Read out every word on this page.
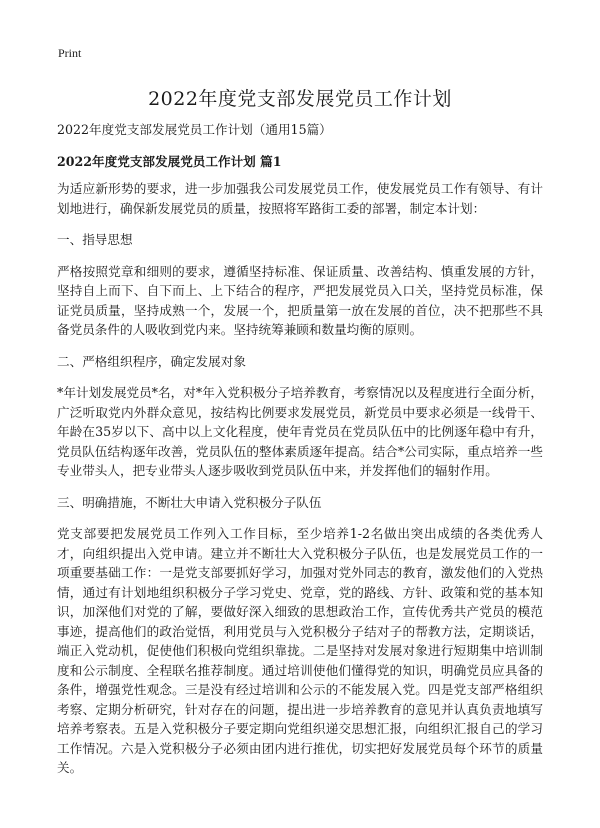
Print
2022年度党支部发展党员工作计划

2022年度党支部发展党员工作计划（通用15篇）

2022年度党支部发展党员工作计划 篇1

为适应新形势的要求，进一步加强我公司发展党员工作，使发展党员工作有领导、有计划地进行，确保新发展党员的质量，按照将军路街工委的部署，制定本计划：

一、指导思想

严格按照党章和细则的要求，遵循坚持标准、保证质量、改善结构、慎重发展的方针，坚持自上而下、自下而上、上下结合的程序，严把发展党员入口关，坚持党员标准，保证党员质量，坚持成熟一个，发展一个，把质量第一放在发展的首位，决不把那些不具备党员条件的人吸收到党内来。坚持统筹兼顾和数量均衡的原则。

二、严格组织程序，确定发展对象

*年计划发展党员*名，对*年入党积极分子培养教育，考察情况以及程度进行全面分析，广泛听取党内外群众意见，按结构比例要求发展党员，新党员中要求必须是一线骨干、年龄在35岁以下、高中以上文化程度，使年青党员在党员队伍中的比例逐年稳中有升，党员队伍结构逐年改善，党员队伍的整体素质逐年提高。结合*公司实际，重点培养一些专业带头人，把专业带头人逐步吸收到党员队伍中来，并发挥他们的辐射作用。

三、明确措施，不断壮大申请入党积极分子队伍

党支部要把发展党员工作列入工作目标，至少培养1-2名做出突出成绩的各类优秀人才，向组织提出入党申请。建立并不断壮大入党积极分子队伍，也是发展党员工作的一项重要基础工作：一是党支部要抓好学习，加强对党外同志的教育，激发他们的入党热情，通过有计划地组织积极分子学习党史、党章，党的路线、方针、政策和党的基本知识，加深他们对党的了解，要做好深入细致的思想政治工作，宣传优秀共产党员的模范事迹，提高他们的政治觉悟，利用党员与入党积极分子结对子的帮教方法，定期谈话，端正入党动机，促使他们积极向党组织靠拢。二是坚持对发展对象进行短期集中培训制度和公示制度、全程联名推荐制度。通过培训使他们懂得党的知识，明确党员应具备的条件，增强党性观念。三是没有经过培训和公示的不能发展入党。四是党支部严格组织考察、定期分析研究，针对存在的问题，提出进一步培养教育的意见并认真负责地填写培养考察表。五是入党积极分子要定期向党组织递交思想汇报，向组织汇报自己的学习工作情况。六是入党积极分子必须由团内进行推优，切实把好发展党员每个环节的质量关。
